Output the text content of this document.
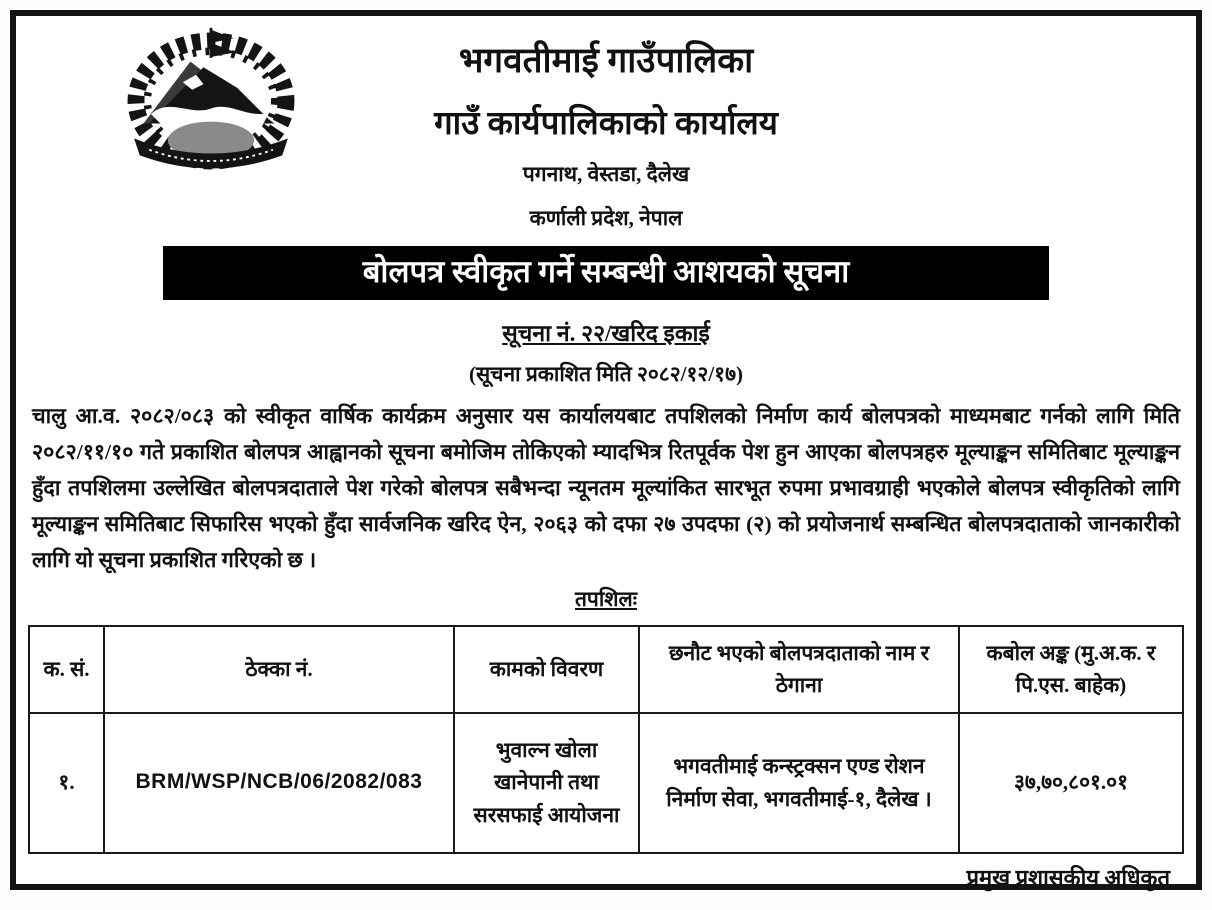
भगवतीमाई गाउँपालिका
गाउँ कार्यपालिकाको कार्यालय
पगनाथ, वेस्तडा, दैलेख
कर्णाली प्रदेश, नेपाल
बोलपत्र स्वीकृत गर्ने सम्बन्धी आशयको सूचना
सूचना नं. २२/खरिद इकाई
(सूचना प्रकाशित मिति २०८२/१२/१७)
चालु आ.व. २०८२/०८३ को स्वीकृत वार्षिक कार्यक्रम अनुसार यस कार्यालयबाट तपशिलको निर्माण कार्य बोलपत्रको माध्यमबाट गर्नको लागि मिति २०८२/११/१० गते प्रकाशित बोलपत्र आह्वानको सूचना बमोजिम तोकिएको म्यादभित्र रितपूर्वक पेश हुन आएका बोलपत्रहरु मूल्याङ्कन समितिबाट मूल्याङ्कन हुँदा तपशिलमा उल्लेखित बोलपत्रदाताले पेश गरेको बोलपत्र सबैभन्दा न्यूनतम मूल्यांकित सारभूत रुपमा प्रभावग्राही भएकोले बोलपत्र स्वीकृतिको लागि मूल्याङ्कन समितिबाट सिफारिस भएको हुँदा सार्वजनिक खरिद ऐन, २०६३ को दफा २७ उपदफा (२) को प्रयोजनार्थ सम्बन्धित बोलपत्रदाताको जानकारीको लागि यो सूचना प्रकाशित गरिएको छ ।
तपशिलः
क. सं.	ठेक्का नं.	कामको विवरण	छनौट भएको बोलपत्रदाताको नाम र ठेगाना	कबोल अङ्क (मु.अ.क. र पि.एस. बाहेक)
१.	BRM/WSP/NCB/06/2082/083	भुवाल्न खोला खानेपानी तथा सरसफाई आयोजना	भगवतीमाई कन्स्ट्रक्सन एण्ड रोशन निर्माण सेवा, भगवतीमाई-१, दैलेख ।	३७,७०,८०१.०१
प्रमुख प्रशासकीय अधिकृत
